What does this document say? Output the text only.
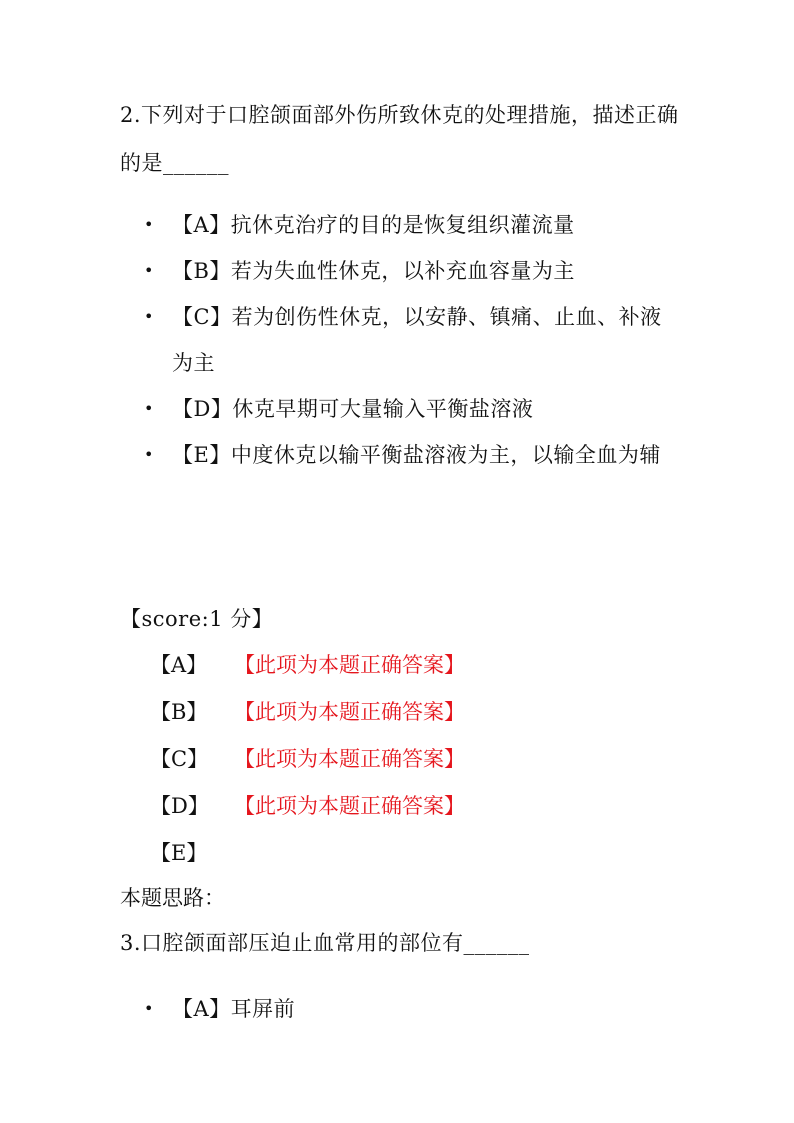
2.下列对于口腔颌面部外伤所致休克的处理措施，描述正确的是______
• 【A】抗休克治疗的目的是恢复组织灌流量
• 【B】若为失血性休克，以补充血容量为主
• 【C】若为创伤性休克，以安静、镇痛、止血、补液为主
• 【D】休克早期可大量输入平衡盐溶液
• 【E】中度休克以输平衡盐溶液为主，以输全血为辅
【score:1 分】
【A】 【此项为本题正确答案】
【B】 【此项为本题正确答案】
【C】 【此项为本题正确答案】
【D】 【此项为本题正确答案】
【E】
本题思路：
3.口腔颌面部压迫止血常用的部位有______
• 【A】耳屏前
